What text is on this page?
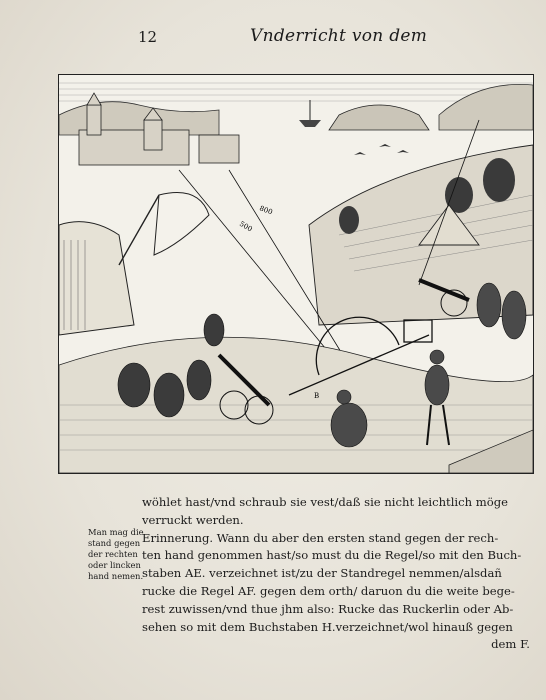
12	Vnderricht von dem
500
800
B
Man mag die
stand gegen
der rechten
oder lincken
hand nemen.
wöhlet hast/vnd schraub sie vest/daß sie nicht leichtlich möge
verruckt werden.
Erinnerung. Wann du aber den ersten stand gegen der rech-
ten hand genommen hast/so must du die Regel/so mit den Buch-
staben AE. verzeichnet ist/zu der Standregel nemmen/alsdañ
rucke die Regel AF. gegen dem orth/ daruon du die weite bege-
rest zuwissen/vnd thue jhm also: Rucke das Ruckerlin oder Ab-
sehen so mit dem Buchstaben H.verzeichnet/wol hinauß gegen
dem F.
